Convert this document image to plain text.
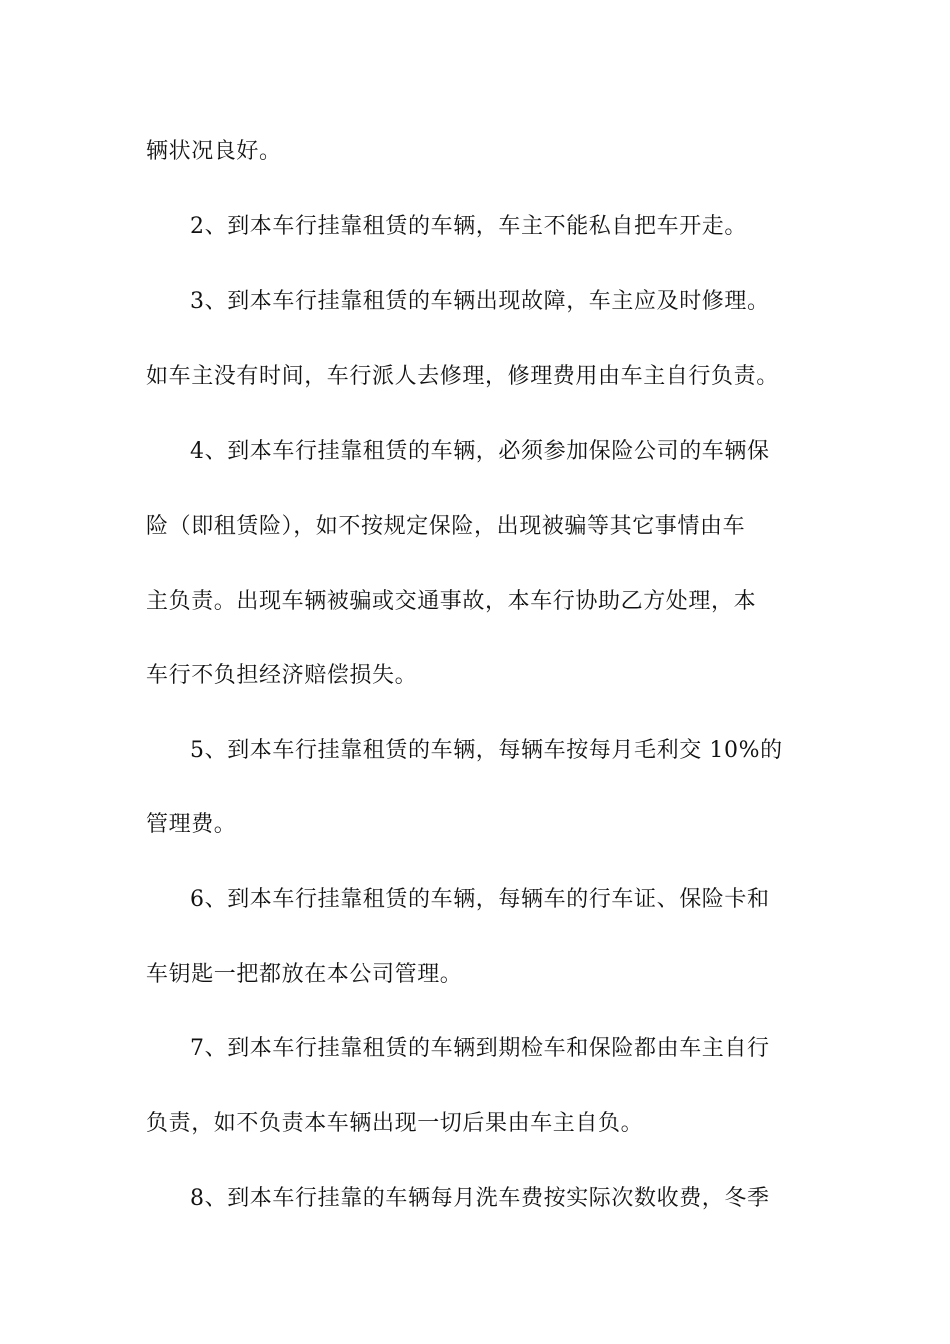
辆状况良好。
2、到本车行挂靠租赁的车辆，车主不能私自把车开走。
3、到本车行挂靠租赁的车辆出现故障，车主应及时修理。
如车主没有时间，车行派人去修理，修理费用由车主自行负责。
4、到本车行挂靠租赁的车辆，必须参加保险公司的车辆保
险（即租赁险），如不按规定保险，出现被骗等其它事情由车
主负责。出现车辆被骗或交通事故，本车行协助乙方处理，本
车行不负担经济赔偿损失。
5、到本车行挂靠租赁的车辆，每辆车按每月毛利交 10%的
管理费。
6、到本车行挂靠租赁的车辆，每辆车的行车证、保险卡和
车钥匙一把都放在本公司管理。
7、到本车行挂靠租赁的车辆到期检车和保险都由车主自行
负责，如不负责本车辆出现一切后果由车主自负。
8、到本车行挂靠的车辆每月洗车费按实际次数收费，冬季
